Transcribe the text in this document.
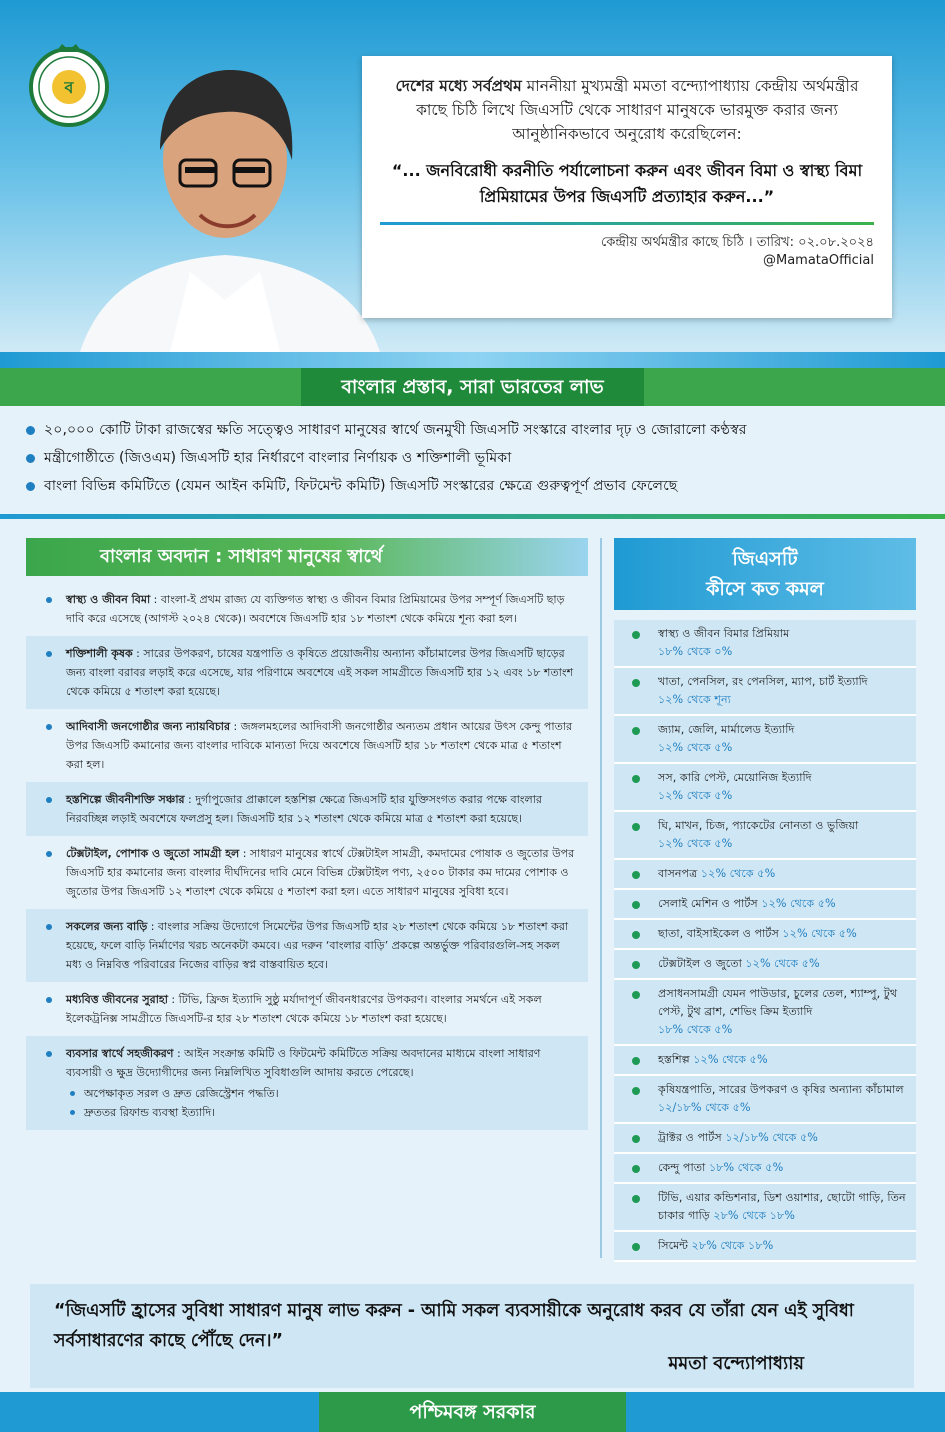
ব	দেশের মধ্যে সর্বপ্রথম মাননীয়া মুখ্যমন্ত্রী মমতা বন্দ্যোপাধ্যায় কেন্দ্রীয় অর্থমন্ত্রীর কাছে চিঠি লিখে জিএসটি থেকে সাধারণ মানুষকে ভারমুক্ত করার জন্য আনুষ্ঠানিকভাবে অনুরোধ করেছিলেন:

“... জনবিরোধী করনীতি পর্যালোচনা করুন এবং জীবন বিমা ও স্বাস্থ্য বিমা প্রিমিয়ামের উপর জিএসটি প্রত্যাহার করুন...”

কেন্দ্রীয় অর্থমন্ত্রীর কাছে চিঠি । তারিখ: ০২.০৮.২০২৪

@MamataOfficial

বাংলার প্রস্তাব, সারা ভারতের লাভ
২০,০০০ কোটি টাকা রাজস্বের ক্ষতি সত্ত্বেও সাধারণ মানুষের স্বার্থে জনমুখী জিএসটি সংস্কারে বাংলার দৃঢ় ও জোরালো কণ্ঠস্বর
মন্ত্রীগোষ্ঠীতে (জিওএম) জিএসটি হার নির্ধারণে বাংলার নির্ণায়ক ও শক্তিশালী ভূমিকা
বাংলা বিভিন্ন কমিটিতে (যেমন আইন কমিটি, ফিটমেন্ট কমিটি) জিএসটি সংস্কারের ক্ষেত্রে গুরুত্বপূর্ণ প্রভাব ফেলেছে
বাংলার অবদান : সাধারণ মানুষের স্বার্থে
স্বাস্থ্য ও জীবন বিমা : বাংলা-ই প্রথম রাজ্য যে ব্যক্তিগত স্বাস্থ্য ও জীবন বিমার প্রিমিয়ামের উপর সম্পূর্ণ জিএসটি ছাড় দাবি করে এসেছে (আগস্ট ২০২৪ থেকে)। অবশেষে জিএসটি হার ১৮ শতাংশ থেকে কমিয়ে শূন্য করা হল।
শক্তিশালী কৃষক : সারের উপকরণ, চাষের যন্ত্রপাতি ও কৃষিতে প্রয়োজনীয় অন্যান্য কাঁচামালের উপর জিএসটি ছাড়ের জন্য বাংলা বরাবর লড়াই করে এসেছে, যার পরিণামে অবশেষে এই সকল সামগ্রীতে জিএসটি হার ১২ এবং ১৮ শতাংশ থেকে কমিয়ে ৫ শতাংশ করা হয়েছে।
আদিবাসী জনগোষ্ঠীর জন্য ন্যায়বিচার : জঙ্গলমহলের আদিবাসী জনগোষ্ঠীর অন্যতম প্রধান আয়ের উৎস কেন্দু পাতার উপর জিএসটি কমানোর জন্য বাংলার দাবিকে মান্যতা দিয়ে অবশেষে জিএসটি হার ১৮ শতাংশ থেকে মাত্র ৫ শতাংশ করা হল।
হস্তশিল্পে জীবনীশক্তি সঞ্চার : দুর্গাপুজোর প্রাক্কালে হস্তশিল্প ক্ষেত্রে জিএসটি হার যুক্তিসংগত করার পক্ষে বাংলার নিরবচ্ছিন্ন লড়াই অবশেষে ফলপ্রসু হল। জিএসটি হার ১২ শতাংশ থেকে কমিয়ে মাত্র ৫ শতাংশ করা হয়েছে।
টেক্সটাইল, পোশাক ও জুতো সামগ্রী হল : সাধারণ মানুষের স্বার্থে টেক্সটাইল সামগ্রী, কমদামের পোষাক ও জুতোর উপর জিএসটি হার কমানোর জন্য বাংলার দীর্ঘদিনের দাবি মেনে বিভিন্ন টেক্সটাইল পণ্য, ২৫০০ টাকার কম দামের পোশাক ও জুতোর উপর জিএসটি ১২ শতাংশ থেকে কমিয়ে ৫ শতাংশ করা হল। এতে সাধারণ মানুষের সুবিধা হবে।
সকলের জন্য বাড়ি : বাংলার সক্রিয় উদ্যোগে সিমেন্টের উপর জিএসটি হার ২৮ শতাংশ থেকে কমিয়ে ১৮ শতাংশ করা হয়েছে, ফলে বাড়ি নির্মাণের খরচ অনেকটা কমবে। এর দরুন ‘বাংলার বাড়ি’ প্রকল্পে অন্তর্ভুক্ত পরিবারগুলি-সহ সকল মধ্য ও নিম্নবিত্ত পরিবারের নিজের বাড়ির স্বপ্ন বাস্তবায়িত হবে।
মধ্যবিত্ত জীবনের সুরাহা : টিভি, ফ্রিজ ইত্যাদি সুষ্ঠু মর্যাদাপূর্ণ জীবনধারণের উপকরণ। বাংলার সমর্থনে এই সকল ইলেকট্রনিক্স সামগ্রীতে জিএসটি-র হার ২৮ শতাংশ থেকে কমিয়ে ১৮ শতাংশ করা হয়েছে।
ব্যবসার স্বার্থে সহজীকরণ : আইন সংক্রান্ত কমিটি ও ফিটমেন্ট কমিটিতে সক্রিয় অবদানের মাধ্যমে বাংলা সাধারণ ব্যবসায়ী ও ক্ষুদ্র উদ্যোগীদের জন্য নিম্নলিখিত সুবিধাগুলি আদায় করতে পেরেছে।
অপেক্ষাকৃত সরল ও দ্রুত রেজিস্ট্রেশন পদ্ধতি।
দ্রুততর রিফান্ড ব্যবস্থা ইত্যাদি।
জিএসটি
কীসে কত কমল
স্বাস্থ্য ও জীবন বিমার প্রিমিয়াম
১৮% থেকে ০%
খাতা, পেনসিল, রং পেনসিল, ম্যাপ, চার্ট ইত্যাদি
১২% থেকে শূন্য
জ্যাম, জেলি, মার্মালেড ইত্যাদি
১২% থেকে ৫%
সস, কারি পেস্ট, মেয়োনিজ ইত্যাদি
১২% থেকে ৫%
ঘি, মাখন, চিজ, প্যাকেটের নোনতা ও ভুজিয়া
১২% থেকে ৫%
বাসনপত্র ১২% থেকে ৫%
সেলাই মেশিন ও পার্টস ১২% থেকে ৫%
ছাতা, বাইসাইকেল ও পার্টস ১২% থেকে ৫%
টেক্সটাইল ও জুতো ১২% থেকে ৫%
প্রসাধনসামগ্রী যেমন পাউডার, চুলের তেল, শ্যাম্পু, টুথ পেস্ট, টুথ ব্রাশ, শেভিং ক্রিম ইত্যাদি
১৮% থেকে ৫%
হস্তশিল্প ১২% থেকে ৫%
কৃষিযন্ত্রপাতি, সারের উপকরণ ও কৃষির অন্যান্য কাঁচামাল ১২/১৮% থেকে ৫%
ট্রাক্টর ও পার্টস ১২/১৮% থেকে ৫%
কেন্দু পাতা ১৮% থেকে ৫%
টিভি, এয়ার কন্ডিশনার, ডিশ ওয়াশার, ছোটো গাড়ি, তিন চাকার গাড়ি ২৮% থেকে ১৮%
সিমেন্ট ২৮% থেকে ১৮%

“জিএসটি হ্রাসের সুবিধা সাধারণ মানুষ লাভ করুন - আমি সকল ব্যবসায়ীকে অনুরোধ করব যে তাঁরা যেন এই সুবিধা সর্বসাধারণের কাছে পৌঁছে দেন।”

মমতা বন্দ্যোপাধ্যায়

পশ্চিমবঙ্গ সরকার
